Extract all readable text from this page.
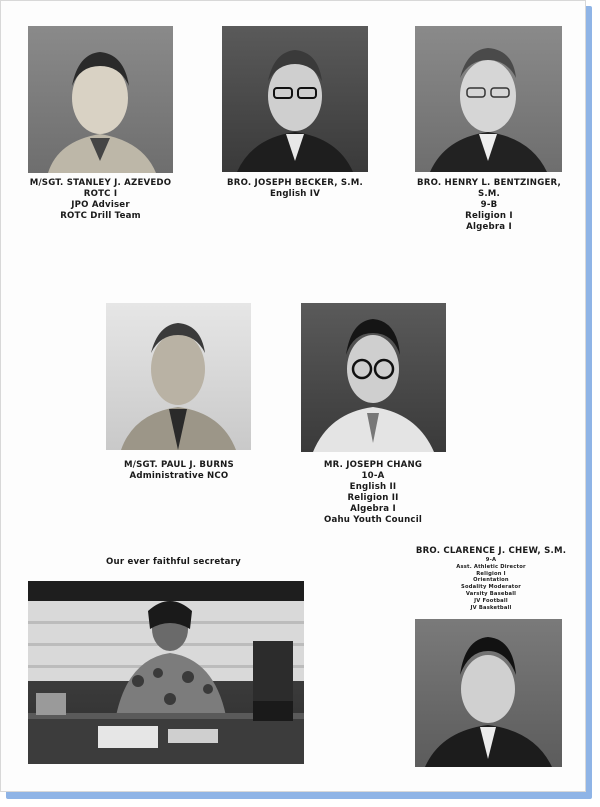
M/SGT. STANLEY J. AZEVEDO
ROTC I
JPO Adviser
ROTC Drill Team
BRO. JOSEPH BECKER, S.M.
English IV
BRO. HENRY L. BENTZINGER,
S.M.
9-B
Religion I
Algebra I
M/SGT. PAUL J. BURNS
Administrative NCO
MR. JOSEPH CHANG
10-A
English II
Religion II
Algebra I
Oahu Youth Council
Our ever faithful secretary
BRO. CLARENCE J. CHEW, S.M.
9-A
Asst. Athletic Director
Religion I
Orientation
Sodality Moderator
Varsity Baseball
JV Football
JV Basketball
